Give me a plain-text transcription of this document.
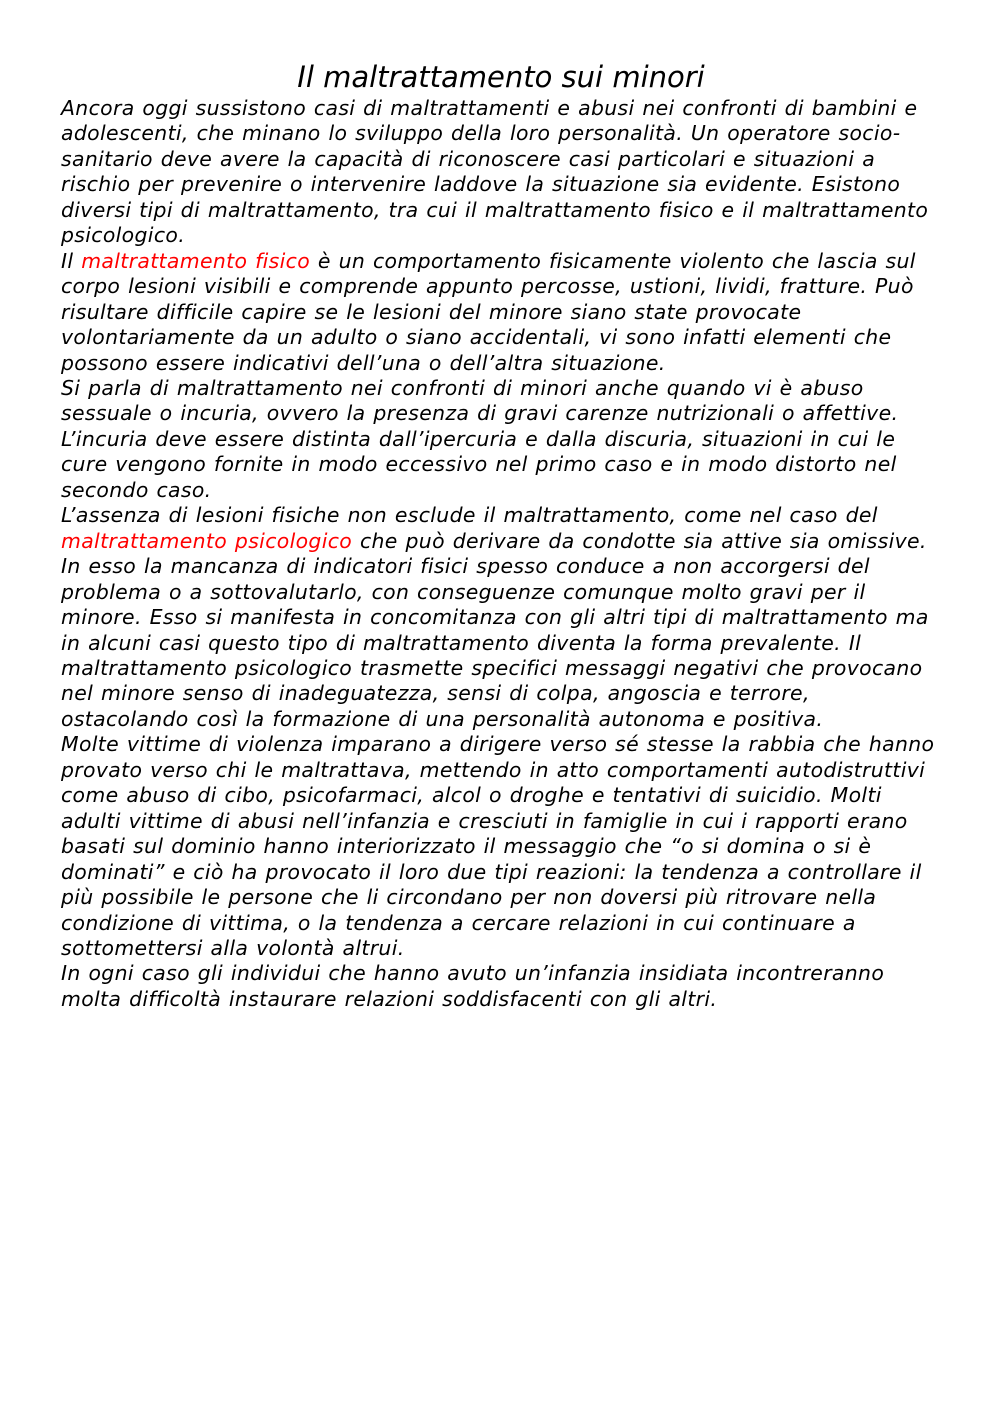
Il maltrattamento sui minori

Ancora oggi sussistono casi di maltrattamenti e abusi nei confronti di bambini e adolescenti, che minano lo sviluppo della loro personalità. Un operatore socio-sanitario deve avere la capacità di riconoscere casi particolari e situazioni a rischio per prevenire o intervenire laddove la situazione sia evidente. Esistono diversi tipi di maltrattamento, tra cui il maltrattamento fisico e il maltrattamento psicologico.

Il maltrattamento fisico è un comportamento fisicamente violento che lascia sul corpo lesioni visibili e comprende appunto percosse, ustioni, lividi, fratture. Può risultare difficile capire se le lesioni del minore siano state provocate volontariamente da un adulto o siano accidentali, vi sono infatti elementi che possono essere indicativi dell’una o dell’altra situazione.

Si parla di maltrattamento nei confronti di minori anche quando vi è abuso sessuale o incuria, ovvero la presenza di gravi carenze nutrizionali o affettive. L’incuria deve essere distinta dall’ipercuria e dalla discuria, situazioni in cui le cure vengono fornite in modo eccessivo nel primo caso e in modo distorto nel secondo caso.

L’assenza di lesioni fisiche non esclude il maltrattamento, come nel caso del maltrattamento psicologico che può derivare da condotte sia attive sia omissive. In esso la mancanza di indicatori fisici spesso conduce a non accorgersi del problema o a sottovalutarlo, con conseguenze comunque molto gravi per il minore. Esso si manifesta in concomitanza con gli altri tipi di maltrattamento ma in alcuni casi questo tipo di maltrattamento diventa la forma prevalente. Il maltrattamento psicologico trasmette specifici messaggi negativi che provocano nel minore senso di inadeguatezza, sensi di colpa, angoscia e terrore, ostacolando così la formazione di una personalità autonoma e positiva.

Molte vittime di violenza imparano a dirigere verso sé stesse la rabbia che hanno provato verso chi le maltrattava, mettendo in atto comportamenti autodistruttivi come abuso di cibo, psicofarmaci, alcol o droghe e tentativi di suicidio. Molti adulti vittime di abusi nell’infanzia e cresciuti in famiglie in cui i rapporti erano basati sul dominio hanno interiorizzato il messaggio che “o si domina o si è dominati” e ciò ha provocato il loro due tipi reazioni: la tendenza a controllare il più possibile le persone che li circondano per non doversi più ritrovare nella condizione di vittima, o la tendenza a cercare relazioni in cui continuare a sottomettersi alla volontà altrui.

In ogni caso gli individui che hanno avuto un’infanzia insidiata incontreranno molta difficoltà instaurare relazioni soddisfacenti con gli altri.
